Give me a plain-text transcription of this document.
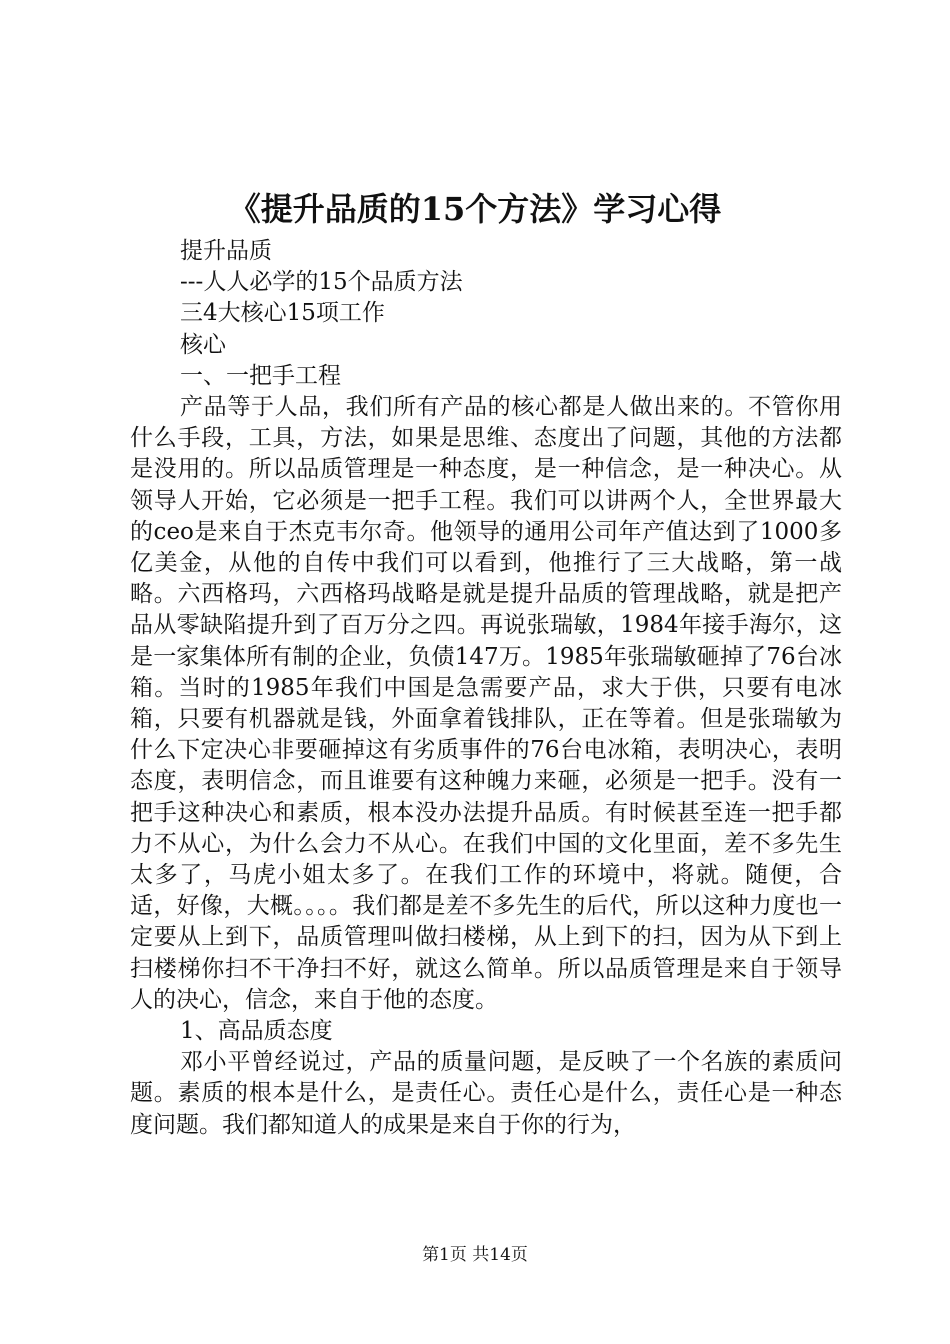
《提升品质的15个方法》学习心得
提升品质
---人人必学的15个品质方法
三4大核心15项工作
核心
一、一把手工程

产品等于人品，我们所有产品的核心都是人做出来的。不管你用什么手段，工具，方法，如果是思维、态度出了问题，其他的方法都是没用的。所以品质管理是一种态度，是一种信念，是一种决心。从领导人开始，它必须是一把手工程。我们可以讲两个人，全世界最大的ceo是来自于杰克韦尔奇。他领导的通用公司年产值达到了1000多亿美金，从他的自传中我们可以看到，他推行了三大战略，第一战略。六西格玛，六西格玛战略是就是提升品质的管理战略，就是把产品从零缺陷提升到了百万分之四。再说张瑞敏，1984年接手海尔，这是一家集体所有制的企业，负债147万。1985年张瑞敏砸掉了76台冰箱。当时的1985年我们中国是急需要产品，求大于供，只要有电冰箱，只要有机器就是钱，外面拿着钱排队，正在等着。但是张瑞敏为什么下定决心非要砸掉这有劣质事件的76台电冰箱，表明决心，表明态度，表明信念，而且谁要有这种魄力来砸，必须是一把手。没有一把手这种决心和素质，根本没办法提升品质。有时候甚至连一把手都力不从心，为什么会力不从心。在我们中国的文化里面，差不多先生太多了，马虎小姐太多了。在我们工作的环境中，将就。随便，合适，好像，大概。。。。我们都是差不多先生的后代，所以这种力度也一定要从上到下，品质管理叫做扫楼梯，从上到下的扫，因为从下到上扫楼梯你扫不干净扫不好，就这么简单。所以品质管理是来自于领导人的决心，信念，来自于他的态度。

1、高品质态度

邓小平曾经说过，产品的质量问题，是反映了一个名族的素质问题。素质的根本是什么，是责任心。责任心是什么，责任心是一种态度问题。我们都知道人的成果是来自于你的行为，

第1页 共14页
